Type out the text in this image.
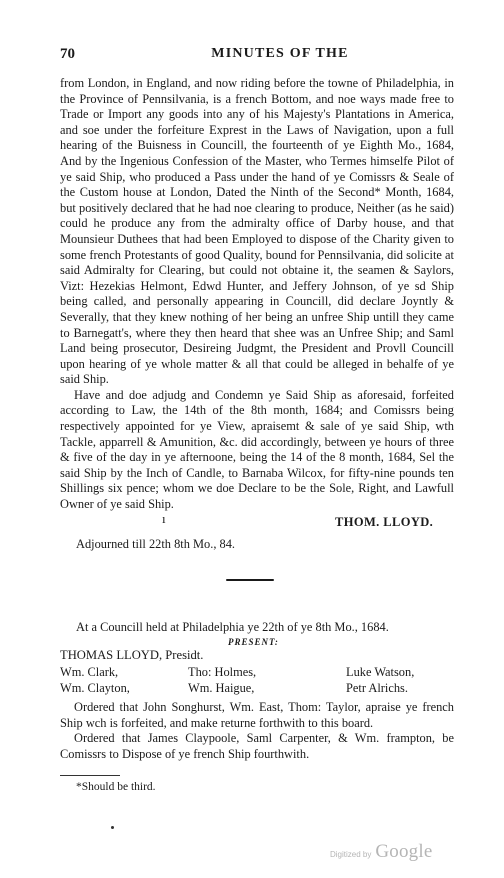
70	MINUTES OF THE

from London, in England, and now riding before the towne of Philadelphia, in the Province of Pennsilvania, is a french Bottom, and noe ways made free to Trade or Import any goods into any of his Majesty's Plantations in America, and soe under the forfeiture Exprest in the Laws of Navigation, upon a full hearing of the Buisness in Councill, the fourteenth of ye Eighth Mo., 1684, And by the Ingenious Confession of the Master, who Termes himselfe Pilot of ye said Ship, who produced a Pass under the hand of ye Comissrs & Seale of the Custom house at London, Dated the Ninth of the Second* Month, 1684, but positively declared that he had noe clearing to produce, Neither (as he said) could he produce any from the admiralty office of Darby house, and that Mounsieur Duthees that had been Employed to dispose of the Charity given to some french Protestants of good Quality, bound for Pennsilvania, did solicite at said Admiralty for Clearing, but could not obtaine it, the seamen & Saylors, Vizt: Hezekias Helmont, Edwd Hunter, and Jeffery Johnson, of ye sd Ship being called, and personally appearing in Councill, did declare Joyntly & Severally, that they knew nothing of her being an unfree Ship untill they came to Barnegatt's, where they then heard that shee was an Unfree Ship; and Saml Land being prosecutor, Desireing Judgmt, the President and Provll Councill upon hearing of ye whole matter & all that could be alleged in behalfe of ye said Ship.

Have and doe adjudg and Condemn ye Said Ship as aforesaid, forfeited according to Law, the 14th of the 8th month, 1684; and Comissrs being respectively appointed for ye View, apraisemt & sale of ye said Ship, wth Tackle, apparrell & Amunition, &c. did accordingly, between ye hours of three & five of the day in ye afternoone, being the 14 of the 8 month, 1684, Sel the said Ship by the Inch of Candle, to Barnaba Wilcox, for fifty-nine pounds ten Shillings six pence; whom we doe Declare to be the Sole, Right, and Lawfull Owner of ye said Ship.

ı	THOM. LLOYD.
Adjourned till 22th 8th Mo., 84.
At a Councill held at Philadelphia ye 22th of ye 8th Mo., 1684.
PRESENT:
THOMAS LLOYD, Presidt.
Wm. Clark,	Tho: Holmes,	Luke Watson,
Wm. Clayton,	Wm. Haigue,	Petr Alrichs.

Ordered that John Songhurst, Wm. East, Thom: Taylor, apraise ye french Ship wch is forfeited, and make returne forthwith to this board.

Ordered that James Claypoole, Saml Carpenter, & Wm. frampton, be Comissrs to Dispose of ye french Ship fourthwith.

*Should be third.
Digitized by Google
